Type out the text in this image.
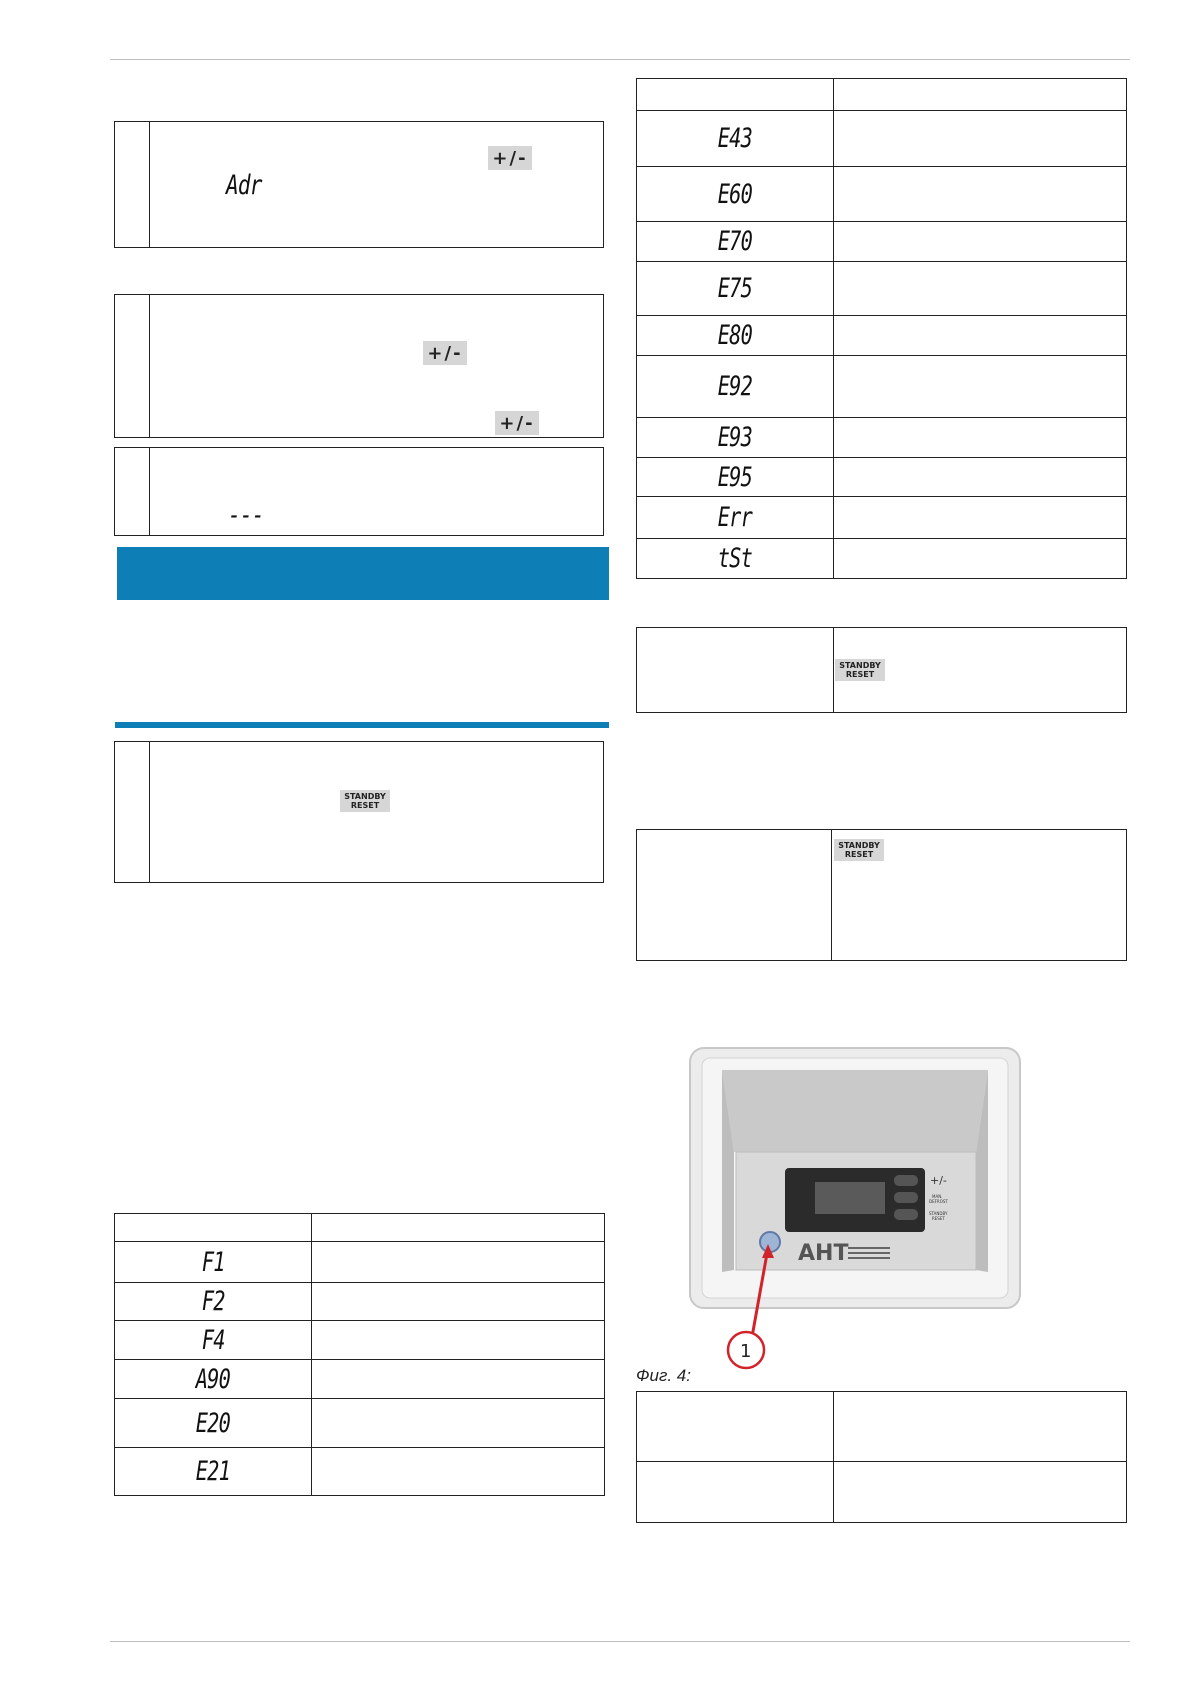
+/-
Adr
+/-
+/-
---
STANDBY
RESET

F1	
F2	
F4	
A90	
E20	
E21	

E43	
E60	
E70	
E75	
E80	
E92	
E93	
E95	
Err	
tSt	

STANDBY
RESET

STANDBY
RESET
+/-
MAN.
DEFROST
STANDBY
RESET
AHT
1
Фиг. 4:
